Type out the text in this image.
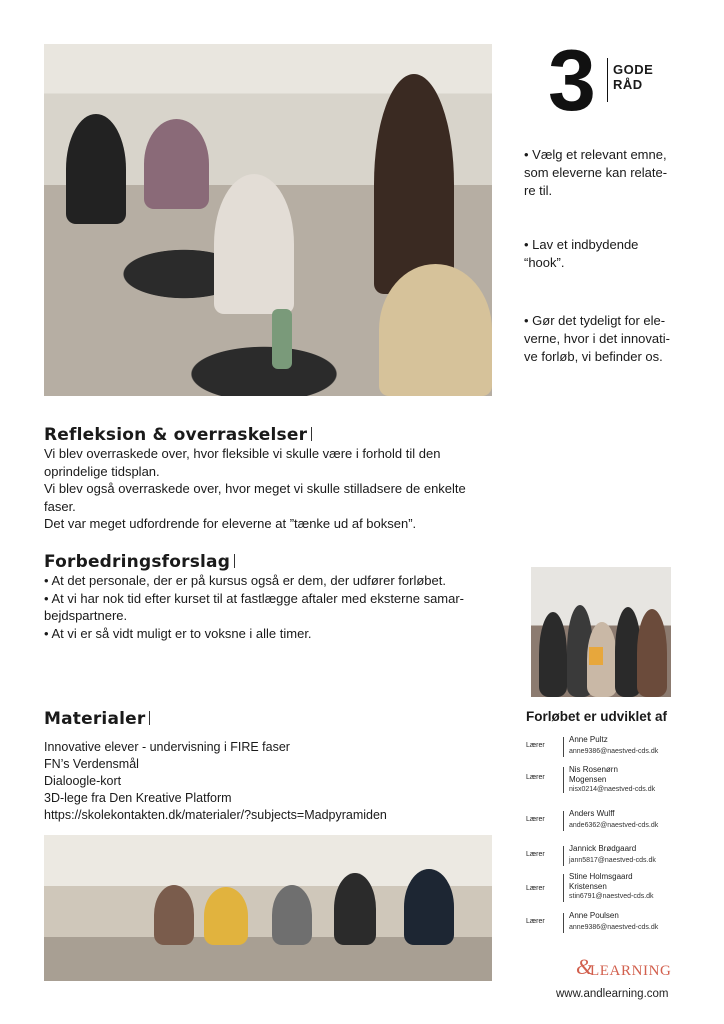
3	GODE
RÅD

• Vælg et relevant emne,
som eleverne kan relate-
re til.

• Lav et indbydende
“hook”.

• Gør det tydeligt for ele-
verne, hvor i det innovati-
ve forløb, vi befinder os.

Refleksion & overraskelser

Vi blev overraskede over, hvor fleksible vi skulle være i forhold til den
oprindelige tidsplan.
Vi blev også overraskede over, hvor meget vi skulle stilladsere de enkelte
faser.
Det var meget udfordrende for eleverne at ”tænke ud af boksen”.

Forbedringsforslag

• At det personale, der er på kursus også er dem, der udfører forløbet.
• At vi har nok tid efter kurset til at fastlægge aftaler med eksterne samar-
bejdspartnere.
• At vi er så vidt muligt er to voksne i alle timer.

Materialer

Innovative elever - undervisning i FIRE faser
FN’s Verdensmål
Dialoogle-kort
3D-lege fra Den Kreative Platform
https://skolekontakten.dk/materialer/?subjects=Madpyramiden

Forløbet er udviklet af
Lærer
Anne Pultz
anne9386@naestved-cds.dk
Lærer
Nis Rosenørn
Mogensen
nisx0214@naestved-cds.dk
Lærer
Anders Wulff
ande6362@naestved-cds.dk
Lærer
Jannick Brødgaard
jann5817@naestved-cds.dk
Lærer
Stine Holmsgaard
Kristensen
stin6791@naestved-cds.dk
Lærer
Anne Poulsen
anne9386@naestved-cds.dk
&
LEARNING
www.andlearning.com
